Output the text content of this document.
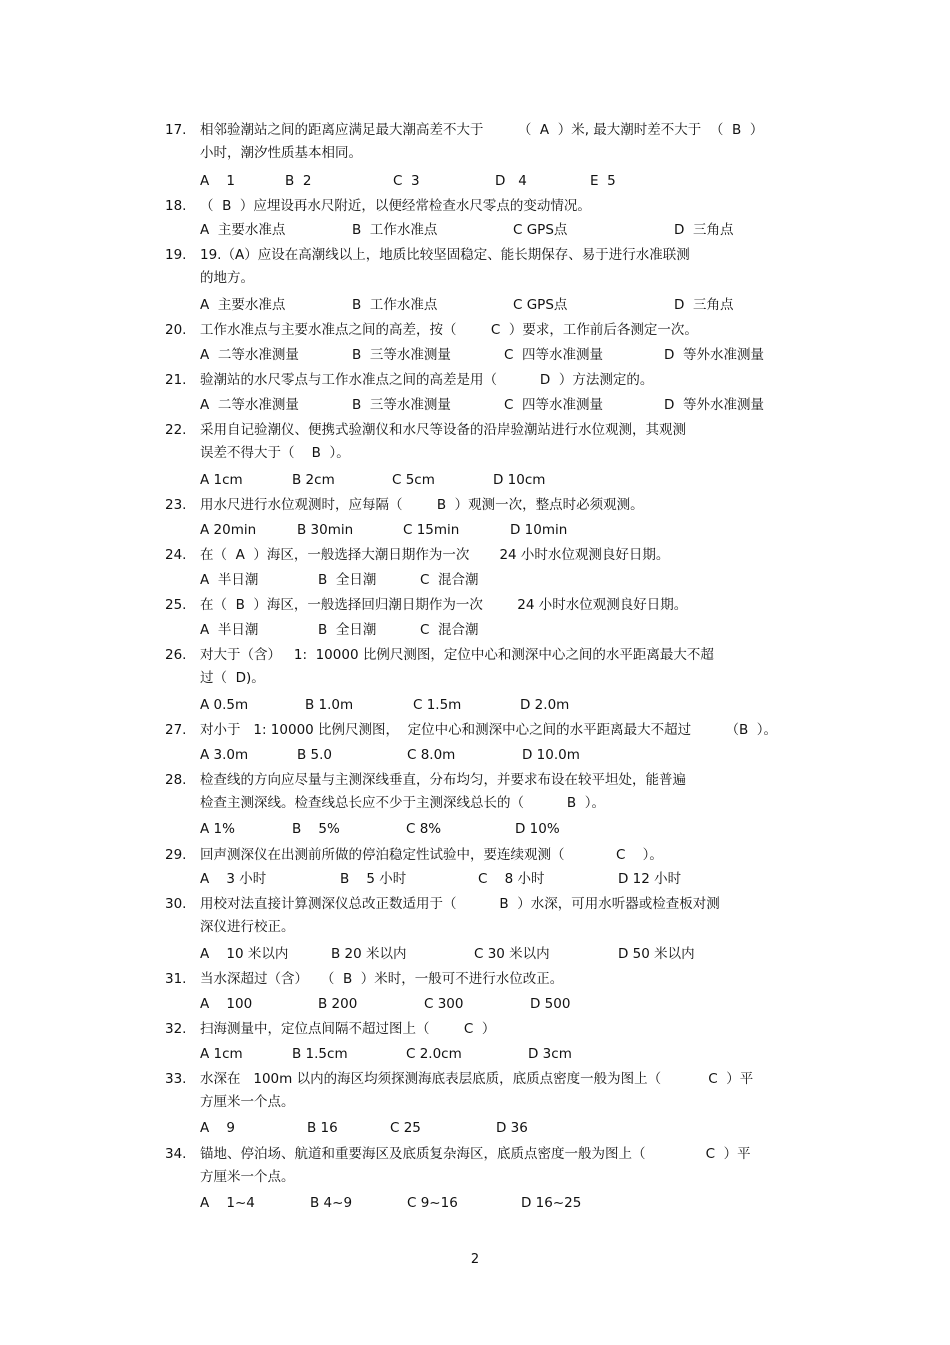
17.	相邻验潮站之间的距离应满足最大潮高差不大于        （  A  ）米, 最大潮时差不大于  （  B  ）
小时，潮汐性质基本相同。
A    1	B  2	C  3	D   4	E  5
18.	（  B  ）应埋设再水尺附近，以便经常检查水尺零点的变动情况。
A  主要水准点	B  工作水准点	C GPS点	D  三角点
19.	19.（A）应设在高潮线以上，地质比较坚固稳定、能长期保存、易于进行水准联测
的地方。
A  主要水准点	B  工作水准点	C GPS点	D  三角点
20.	工作水准点与主要水准点之间的高差，按（        C  ）要求，工作前后各测定一次。
A  二等水准测量	B  三等水准测量	C  四等水准测量	D  等外水准测量
21.	验潮站的水尺零点与工作水准点之间的高差是用（          D  ）方法测定的。
A  二等水准测量	B  三等水准测量	C  四等水准测量	D  等外水准测量
22.	采用自记验潮仪、便携式验潮仪和水尺等设备的沿岸验潮站进行水位观测，其观测
误差不得大于（    B  ）。
A 1cm	B 2cm	C 5cm	D 10cm
23.	用水尺进行水位观测时，应每隔（        B  ）观测一次，整点时必须观测。
A 20min	B 30min	C 15min	D 10min
24.	在（  A  ）海区，一般选择大潮日期作为一次       24 小时水位观测良好日期。
A  半日潮	B  全日潮	C  混合潮
25.	在（  B  ）海区，一般选择回归潮日期作为一次        24 小时水位观测良好日期。
A  半日潮	B  全日潮	C  混合潮
26.	对大于（含）   1:  10000 比例尺测图，定位中心和测深中心之间的水平距离最大不超
过（  D)。
A 0.5m	B 1.0m	C 1.5m	D 2.0m
27.	对小于   1: 10000 比例尺测图，  定位中心和测深中心之间的水平距离最大不超过        （B  ）。
A 3.0m	B 5.0	C 8.0m	D 10.0m
28.	检查线的方向应尽量与主测深线垂直，分布均匀，并要求布设在较平坦处，能普遍
检查主测深线。检查线总长应不少于主测深线总长的（          B  ）。
A 1%	B    5%	C 8%	D 10%
29.	回声测深仪在出测前所做的停泊稳定性试验中，要连续观测（            C    ）。
A    3 小时	B    5 小时	C    8 小时	D 12 小时
30.	用校对法直接计算测深仪总改正数适用于（          B  ）水深，可用水听器或检查板对测
深仪进行校正。
A    10 米以内	B 20 米以内	C 30 米以内	D 50 米以内
31.	当水深超过（含）   （  B  ）米时，一般可不进行水位改正。
A    100	B 200	C 300	D 500
32.	扫海测量中，定位点间隔不超过图上（        C  ）
A 1cm	B 1.5cm	C 2.0cm	D 3cm
33.	水深在   100m 以内的海区均须探测海底表层底质，底质点密度一般为图上（           C  ）平
方厘米一个点。
A    9	B 16	C 25	D 36
34.	锚地、停泊场、航道和重要海区及底质复杂海区，底质点密度一般为图上（              C  ）平
方厘米一个点。
A    1~4	B 4~9	C 9~16	D 16~25
2
